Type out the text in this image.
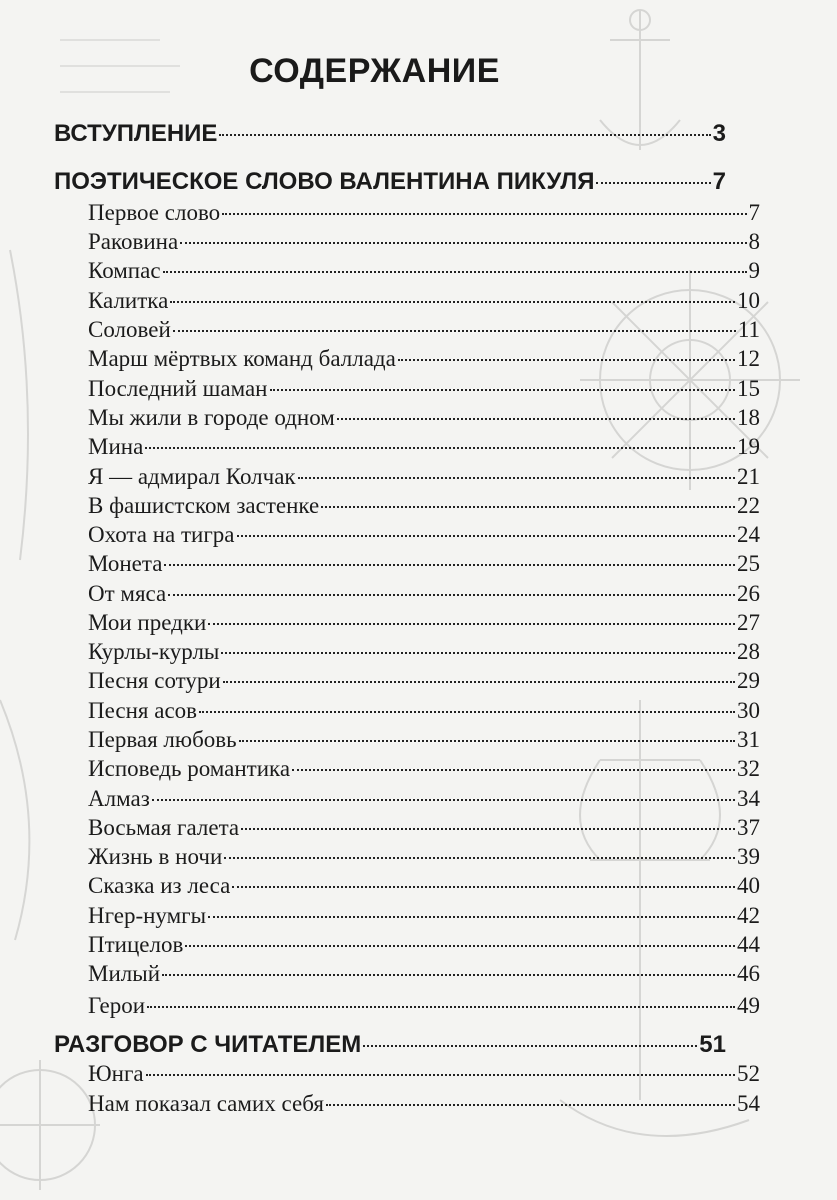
СОДЕРЖАНИЕ
ВСТУПЛЕНИЕ	3
ПОЭТИЧЕСКОЕ СЛОВО ВАЛЕНТИНА ПИКУЛЯ	7
Первое слово	7
Раковина	8
Компас	9
Калитка	10
Соловей	11
Марш мёртвых команд баллада	12
Последний шаман	15
Мы жили в городе одном	18
Мина	19
Я — адмирал Колчак	21
В фашистском застенке	22
Охота на тигра	24
Монета	25
От мяса	26
Мои предки	27
Курлы-курлы	28
Песня сотури	29
Песня асов	30
Первая любовь	31
Исповедь романтика	32
Алмаз	34
Восьмая галета	37
Жизнь в ночи	39
Сказка из леса	40
Нгер-нумгы	42
Птицелов	44
Милый	46
Герои	49
РАЗГОВОР С ЧИТАТЕЛЕМ	51
Юнга	52
Нам показал самих себя	54
